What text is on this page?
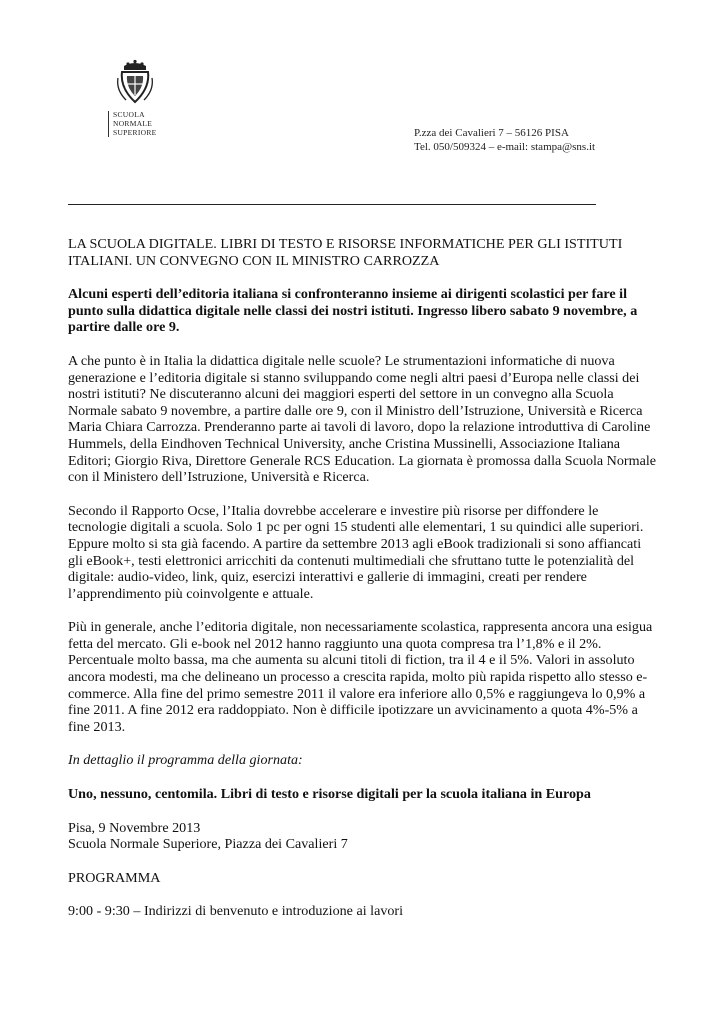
SCUOLA
NORMALE
SUPERIORE	P.zza dei Cavalieri 7 – 56126 PISA
Tel. 050/509324 – e-mail: stampa@sns.it

LA SCUOLA DIGITALE. LIBRI DI TESTO E RISORSE INFORMATICHE PER GLI ISTITUTI ITALIANI. UN CONVEGNO CON IL MINISTRO CARROZZA

Alcuni esperti dell’editoria italiana si confronteranno insieme ai dirigenti scolastici per fare il punto sulla didattica digitale nelle classi dei nostri istituti. Ingresso libero sabato 9 novembre, a partire dalle ore 9.

A che punto è in Italia la didattica digitale nelle scuole? Le strumentazioni informatiche di nuova generazione e l’editoria digitale si stanno sviluppando come negli altri paesi d’Europa nelle classi dei nostri istituti? Ne discuteranno alcuni dei maggiori esperti del settore in un convegno alla Scuola Normale sabato 9 novembre, a partire dalle ore 9, con il Ministro dell’Istruzione, Università e Ricerca Maria Chiara Carrozza. Prenderanno parte ai tavoli di lavoro, dopo la relazione introduttiva di Caroline Hummels, della Eindhoven Technical University, anche Cristina Mussinelli, Associazione Italiana Editori; Giorgio Riva, Direttore Generale RCS Education. La giornata è promossa dalla Scuola Normale con il Ministero dell’Istruzione, Università e Ricerca.

Secondo il Rapporto Ocse, l’Italia dovrebbe accelerare e investire più risorse per diffondere le tecnologie digitali a scuola. Solo 1 pc per ogni 15 studenti alle elementari, 1 su quindici alle superiori. Eppure molto si sta già facendo. A partire da settembre 2013 agli eBook tradizionali si sono affiancati gli eBook+, testi elettronici arricchiti da contenuti multimediali che sfruttano tutte le potenzialità del digitale: audio-video, link, quiz, esercizi interattivi e gallerie di immagini, creati per rendere l’apprendimento più coinvolgente e attuale.

Più in generale, anche l’editoria digitale, non necessariamente scolastica, rappresenta ancora una esigua fetta del mercato. Gli e-book nel 2012 hanno raggiunto una quota compresa tra l’1,8% e il 2%. Percentuale molto bassa, ma che aumenta su alcuni titoli di fiction, tra il 4 e il 5%. Valori in assoluto ancora modesti, ma che delineano un processo a crescita rapida, molto più rapida rispetto allo stesso e-commerce. Alla fine del primo semestre 2011 il valore era inferiore allo 0,5% e raggiungeva lo 0,9% a fine 2011. A fine 2012 era raddoppiato. Non è difficile ipotizzare un avvicinamento a quota 4%-5% a fine 2013.

In dettaglio il programma della giornata:

Uno, nessuno, centomila. Libri di testo e risorse digitali per la scuola italiana in Europa

Pisa, 9 Novembre 2013

Scuola Normale Superiore, Piazza dei Cavalieri 7

PROGRAMMA

9:00 - 9:30 – Indirizzi di benvenuto e introduzione ai lavori
